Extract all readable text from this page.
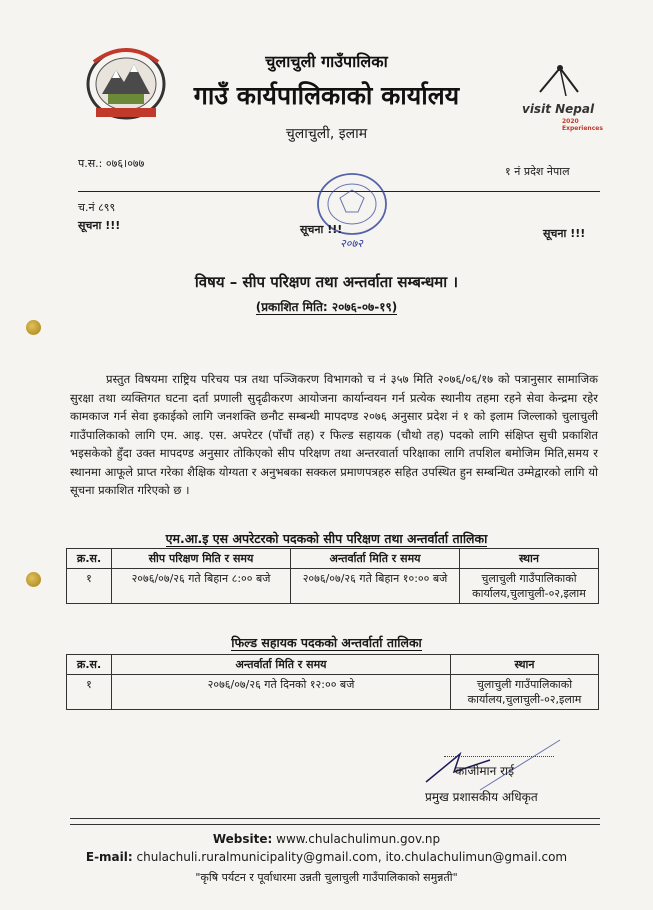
चुलाचुली गाउँपालिका
गाउँ कार्यपालिकाको कार्यालय
चुलाचुली, इलाम
visit Nepal
2020 Experiences
प.स.: ०७६।०७७
१ नं प्रदेश नेपाल
च.नं ८९९
सूचना !!!	सूचना !!!
२०७२
सूचना !!!
विषय – सीप परिक्षण तथा अन्तर्वाता सम्बन्धमा ।
(प्रकाशित मिति: २०७६-०७-१९)
प्रस्तुत विषयमा राष्ट्रिय परिचय पत्र तथा पञ्जिकरण विभागको च नं ३५७ मिति २०७६/०६/१७ को पत्रानुसार सामाजिक सुरक्षा तथा व्यक्तिगत घटना दर्ता प्रणाली सुदृढीकरण आयोजना कार्यान्वयन गर्न प्रत्येक स्थानीय तहमा रहने सेवा केन्द्रमा रहेर कामकाज गर्न सेवा इकाईको लागि जनशक्ति छनौट सम्बन्धी मापदण्ड २०७६ अनुसार प्रदेश नं १ को इलाम जिल्लाको चुलाचुली गाउँपालिकाको लागि एम. आइ. एस. अपरेटर (पाँचौं तह) र फिल्ड सहायक (चौथो तह) पदको लागि संक्षिप्त सुची प्रकाशित भइसकेको हुँदा उक्त मापदण्ड अनुसार तोकिएको सीप परिक्षण तथा अन्तरवार्ता परिक्षाका लागि तपशिल बमोजिम मिति,समय र स्थानमा आफूले प्राप्त गरेका शैक्षिक योग्यता र अनुभबका सक्कल प्रमाणपत्रहरु सहित उपस्थित हुन सम्बन्धित उम्मेद्वारको लागि यो सूचना प्रकाशित गरिएको छ ।
एम.आ.इ एस अपरेटरको पदकको सीप परिक्षण तथा अन्तर्वार्ता तालिका
क्र.स.	सीप परिक्षण मिति र समय	अन्तर्वार्ता मिति र समय	स्थान
१	२०७६/०७/२६ गते बिहान ८:०० बजे	२०७६/०७/२६ गते बिहान १०:०० बजे	चुलाचुली गाउँपालिकाको कार्यालय,चुलाचुली-०२,इलाम
फिल्ड सहायक पदकको अन्तर्वार्ता तालिका
क्र.स.	अन्तर्वार्ता मिति र समय	स्थान
१	२०७६/०७/२६ गते दिनको १२:०० बजे	चुलाचुली गाउँपालिकाको कार्यालय,चुलाचुली-०२,इलाम
काजीमान राई
प्रमुख प्रशासकीय अधिकृत
Website: www.chulachulimun.gov.np
E-mail: chulachuli.ruralmunicipality@gmail.com, ito.chulachulimun@gmail.com
"कृषि पर्यटन र पूर्वाधारमा उन्नती चुलाचुली गाउँपालिकाको समुन्नती"
